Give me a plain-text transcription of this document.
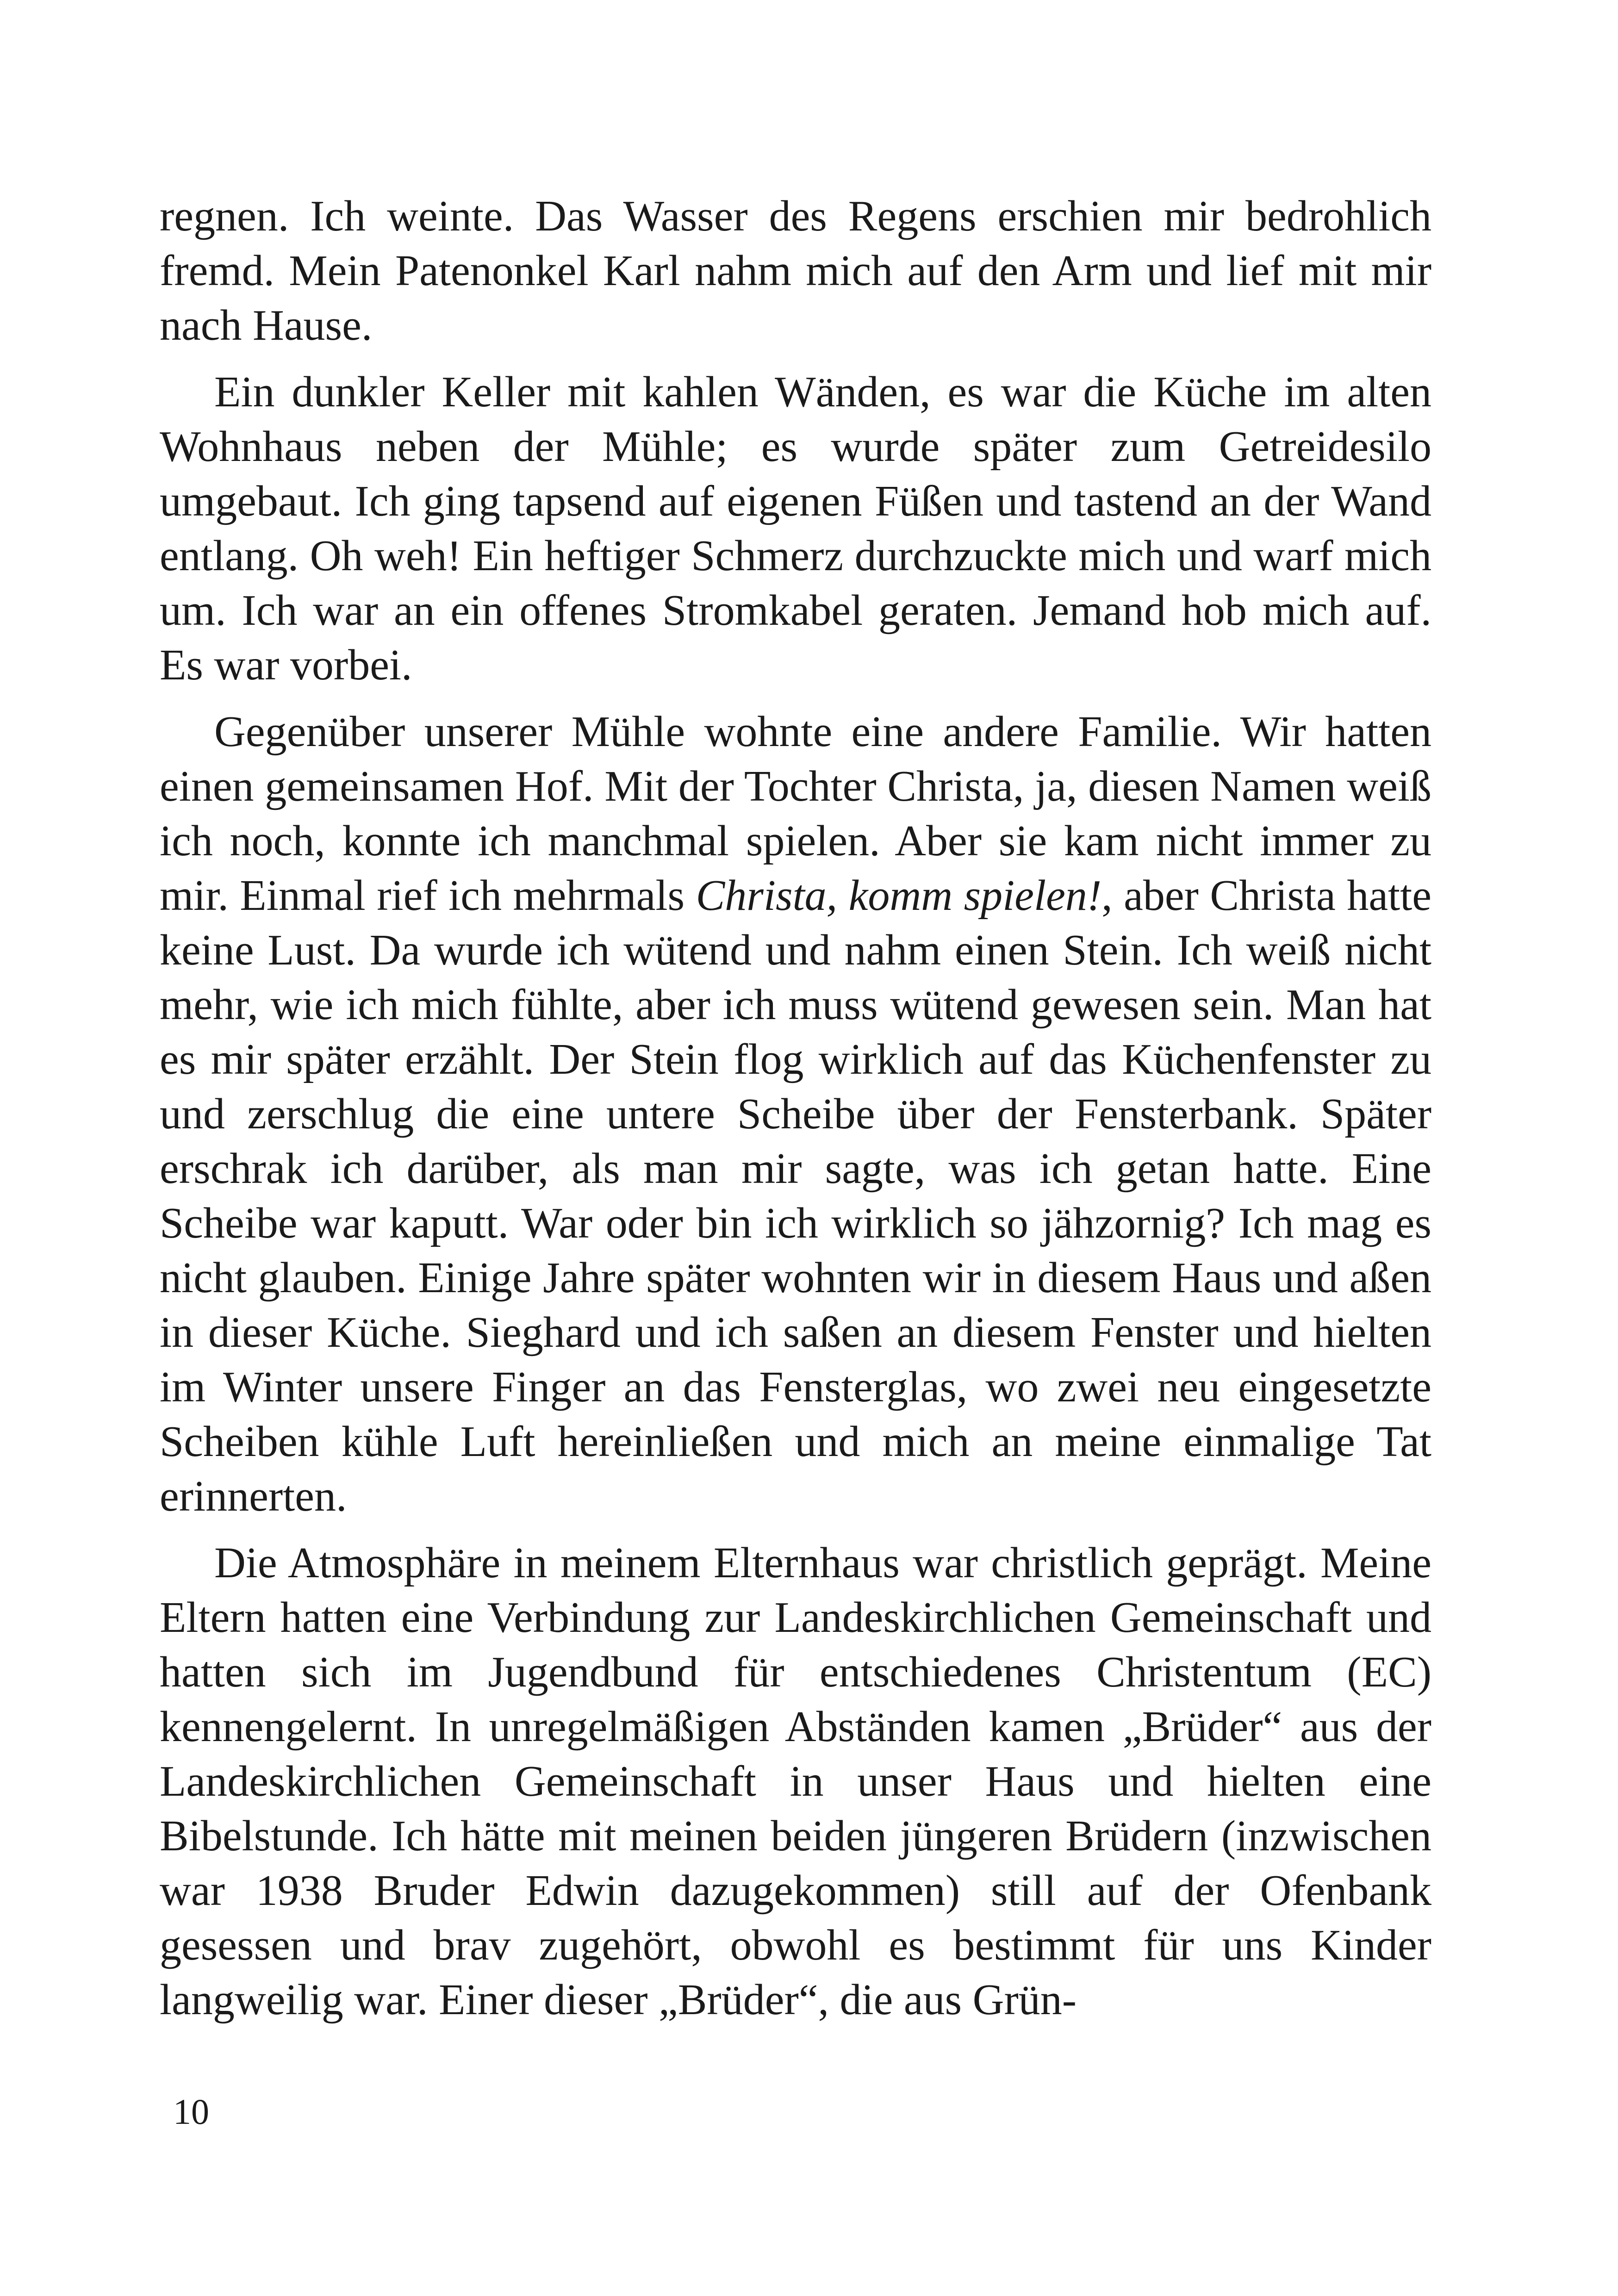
regnen. Ich weinte. Das Wasser des Regens erschien mir bedrohlich fremd. Mein Patenonkel Karl nahm mich auf den Arm und lief mit mir nach Hause.

Ein dunkler Keller mit kahlen Wänden, es war die Küche im alten Wohnhaus neben der Mühle; es wurde später zum Getreidesilo umgebaut. Ich ging tapsend auf eigenen Füßen und tastend an der Wand entlang. Oh weh! Ein heftiger Schmerz durchzuckte mich und warf mich um. Ich war an ein offenes Stromkabel geraten. Jemand hob mich auf. Es war vorbei.

Gegenüber unserer Mühle wohnte eine andere Familie. Wir hatten einen gemeinsamen Hof. Mit der Tochter Christa, ja, diesen Namen weiß ich noch, konnte ich manchmal spielen. Aber sie kam nicht immer zu mir. Einmal rief ich mehrmals Christa, komm spielen!, aber Christa hatte keine Lust. Da wurde ich wütend und nahm einen Stein. Ich weiß nicht mehr, wie ich mich fühlte, aber ich muss wütend gewesen sein. Man hat es mir später erzählt. Der Stein flog wirklich auf das Küchenfenster zu und zerschlug die eine untere Scheibe über der Fensterbank. Später erschrak ich darüber, als man mir sagte, was ich getan hatte. Eine Scheibe war kaputt. War oder bin ich wirklich so jähzornig? Ich mag es nicht glauben. Einige Jahre später wohnten wir in diesem Haus und aßen in dieser Küche. Sieghard und ich saßen an diesem Fenster und hielten im Winter unsere Finger an das Fensterglas, wo zwei neu eingesetzte Scheiben kühle Luft hereinließen und mich an meine einmalige Tat erinnerten.

Die Atmosphäre in meinem Elternhaus war christlich geprägt. Meine Eltern hatten eine Verbindung zur Landeskirchlichen Gemeinschaft und hatten sich im Jugendbund für entschiedenes Christentum (EC) kennengelernt. In unregelmäßigen Abständen kamen „Brüder“ aus der Landeskirchlichen Gemeinschaft in unser Haus und hielten eine Bibelstunde. Ich hätte mit meinen beiden jüngeren Brüdern (inzwischen war 1938 Bruder Edwin dazugekommen) still auf der Ofenbank gesessen und brav zugehört, obwohl es bestimmt für uns Kinder langweilig war. Einer dieser „Brüder“, die aus Grün-

10
